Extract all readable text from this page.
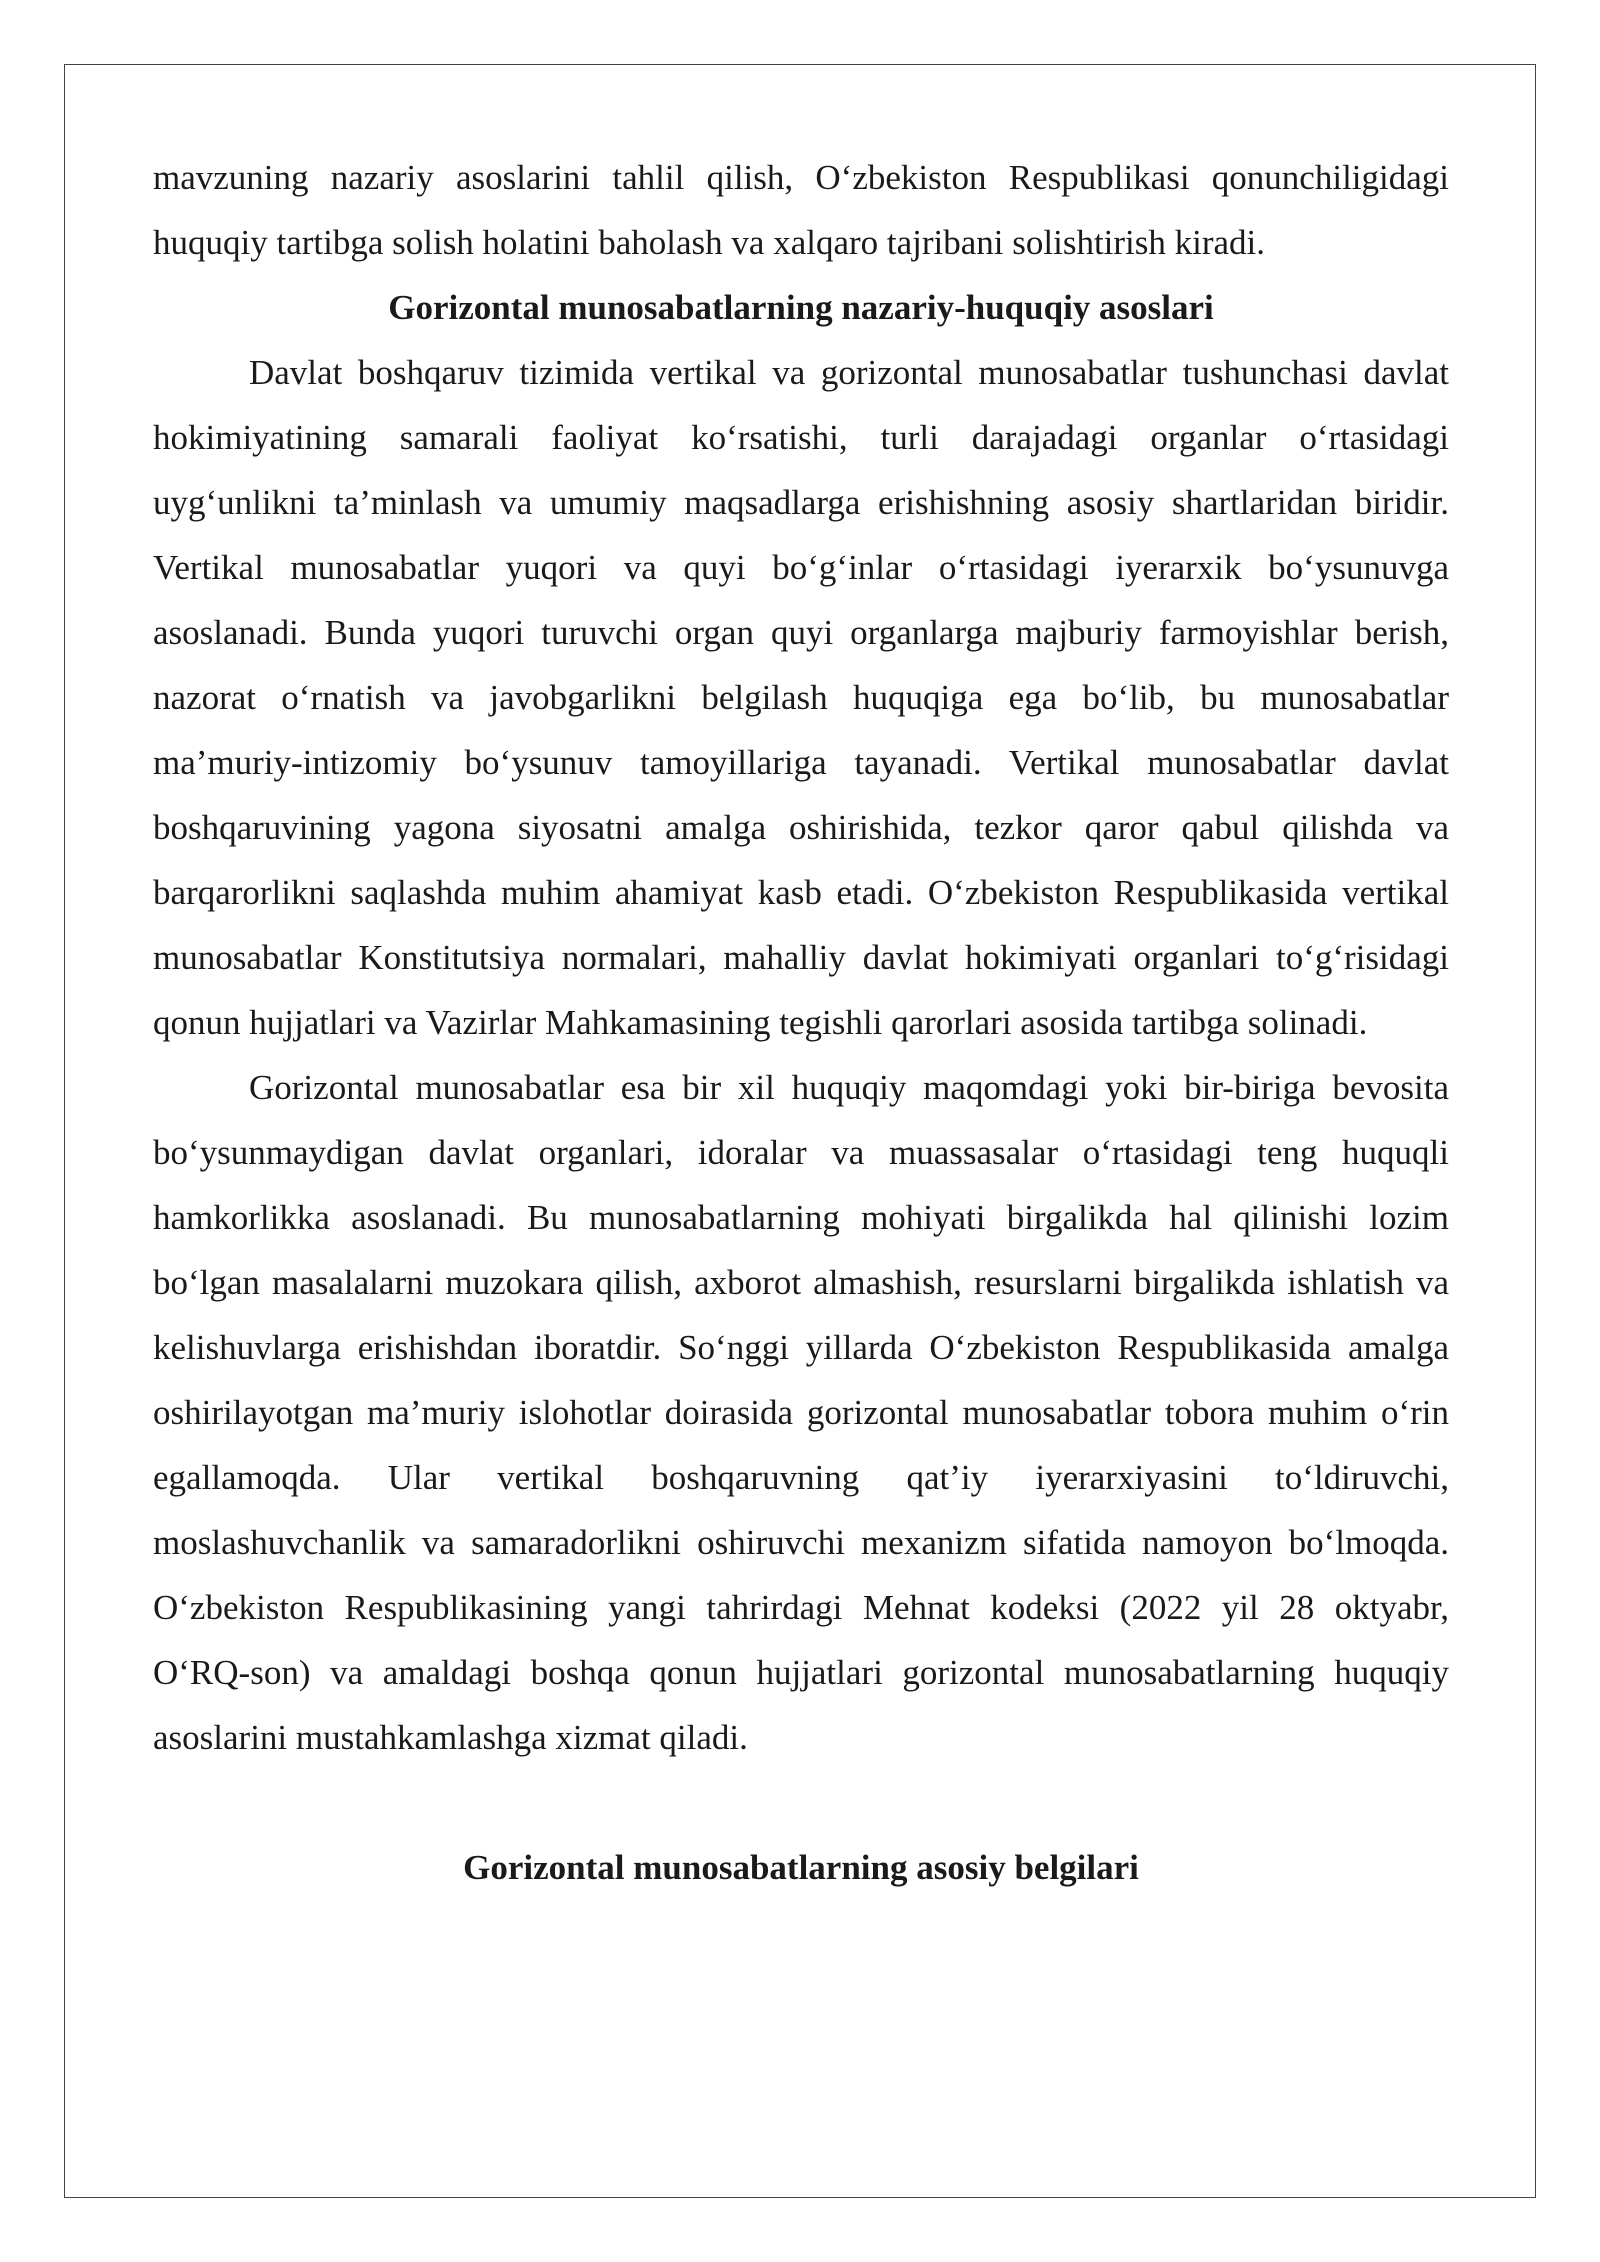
mavzuning nazariy asoslarini tahlil qilish, O‘zbekiston Respublikasi qonunchiligidagi huquqiy tartibga solish holatini baholash va xalqaro tajribani solishtirish kiradi.

Gorizontal munosabatlarning nazariy-huquqiy asoslari

Davlat boshqaruv tizimida vertikal va gorizontal munosabatlar tushunchasi davlat hokimiyatining samarali faoliyat ko‘rsatishi, turli darajadagi organlar o‘rtasidagi uyg‘unlikni ta’minlash va umumiy maqsadlarga erishishning asosiy shartlaridan biridir. Vertikal munosabatlar yuqori va quyi bo‘g‘inlar o‘rtasidagi iyerarxik bo‘ysunuvga asoslanadi. Bunda yuqori turuvchi organ quyi organlarga majburiy farmoyishlar berish, nazorat o‘rnatish va javobgarlikni belgilash huquqiga ega bo‘lib, bu munosabatlar ma’muriy-intizomiy bo‘ysunuv tamoyillariga tayanadi. Vertikal munosabatlar davlat boshqaruvining yagona siyosatni amalga oshirishida, tezkor qaror qabul qilishda va barqarorlikni saqlashda muhim ahamiyat kasb etadi. O‘zbekiston Respublikasida vertikal munosabatlar Konstitutsiya normalari, mahalliy davlat hokimiyati organlari to‘g‘risidagi qonun hujjatlari va Vazirlar Mahkamasining tegishli qarorlari asosida tartibga solinadi.

Gorizontal munosabatlar esa bir xil huquqiy maqomdagi yoki bir-biriga bevosita bo‘ysunmaydigan davlat organlari, idoralar va muassasalar o‘rtasidagi teng huquqli hamkorlikka asoslanadi. Bu munosabatlarning mohiyati birgalikda hal qilinishi lozim bo‘lgan masalalarni muzokara qilish, axborot almashish, resurslarni birgalikda ishlatish va kelishuvlarga erishishdan iboratdir. So‘nggi yillarda O‘zbekiston Respublikasida amalga oshirilayotgan ma’muriy islohotlar doirasida gorizontal munosabatlar tobora muhim o‘rin egallamoqda. Ular vertikal boshqaruvning qat’iy iyerarxiyasini to‘ldiruvchi, moslashuvchanlik va samaradorlikni oshiruvchi mexanizm sifatida namoyon bo‘lmoqda. O‘zbekiston Respublikasining yangi tahrirdagi Mehnat kodeksi (2022 yil 28 oktyabr, O‘RQ-son) va amaldagi boshqa qonun hujjatlari gorizontal munosabatlarning huquqiy asoslarini mustahkamlashga xizmat qiladi.

Gorizontal munosabatlarning asosiy belgilari
